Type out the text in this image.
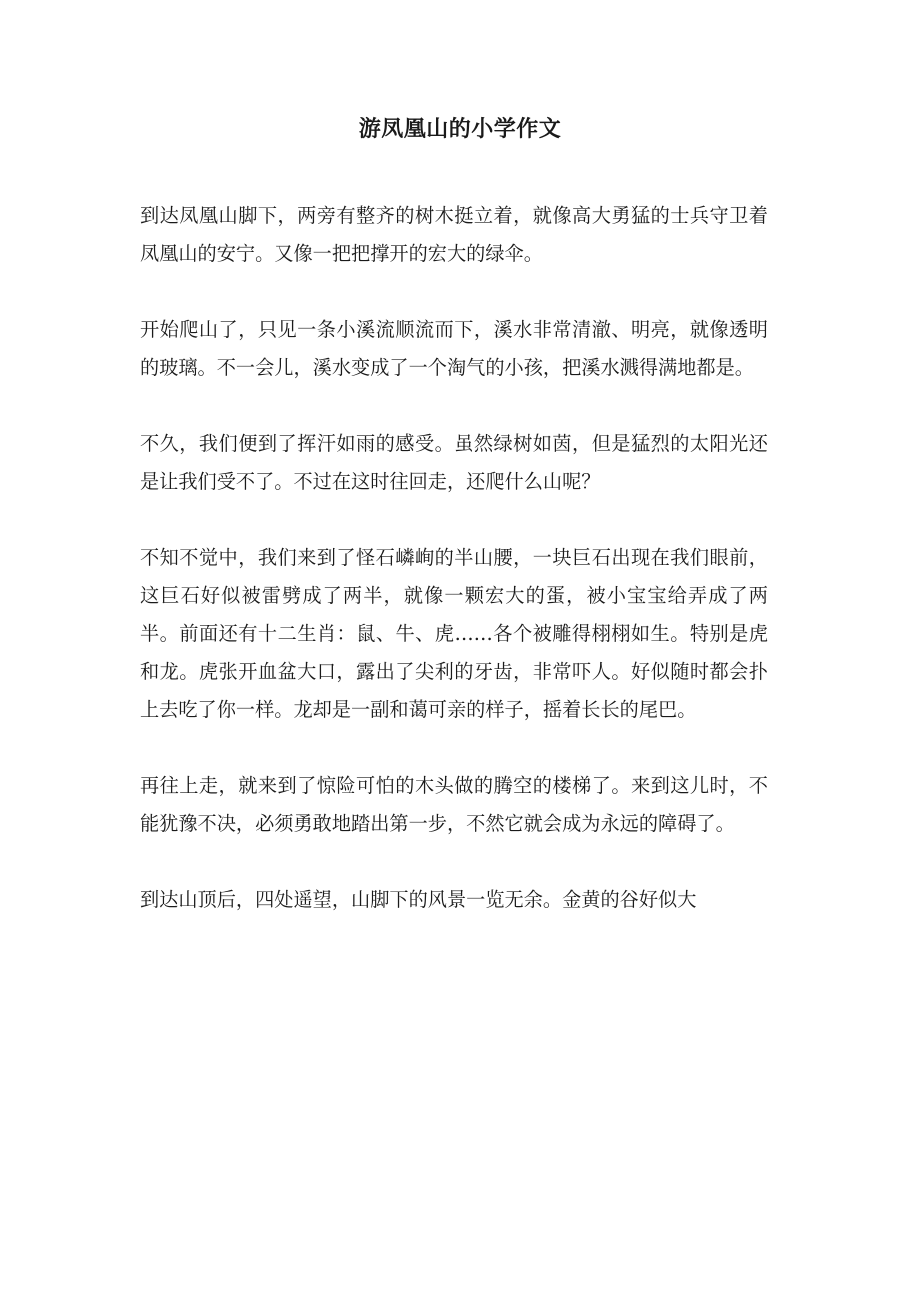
游凤凰山的小学作文

到达凤凰山脚下，两旁有整齐的树木挺立着，就像高大勇猛的士兵守卫着凤凰山的安宁。又像一把把撑开的宏大的绿伞。

开始爬山了，只见一条小溪流顺流而下，溪水非常清澈、明亮，就像透明的玻璃。不一会儿，溪水变成了一个淘气的小孩，把溪水溅得满地都是。

不久，我们便到了挥汗如雨的感受。虽然绿树如茵，但是猛烈的太阳光还是让我们受不了。不过在这时往回走，还爬什么山呢？

不知不觉中，我们来到了怪石嶙峋的半山腰，一块巨石出现在我们眼前，这巨石好似被雷劈成了两半，就像一颗宏大的蛋，被小宝宝给弄成了两半。前面还有十二生肖：鼠、牛、虎……各个被雕得栩栩如生。特别是虎和龙。虎张开血盆大口，露出了尖利的牙齿，非常吓人。好似随时都会扑上去吃了你一样。龙却是一副和蔼可亲的样子，摇着长长的尾巴。

再往上走，就来到了惊险可怕的木头做的腾空的楼梯了。来到这儿时，不能犹豫不决，必须勇敢地踏出第一步，不然它就会成为永远的障碍了。

到达山顶后，四处遥望，山脚下的风景一览无余。金黄的谷好似大
